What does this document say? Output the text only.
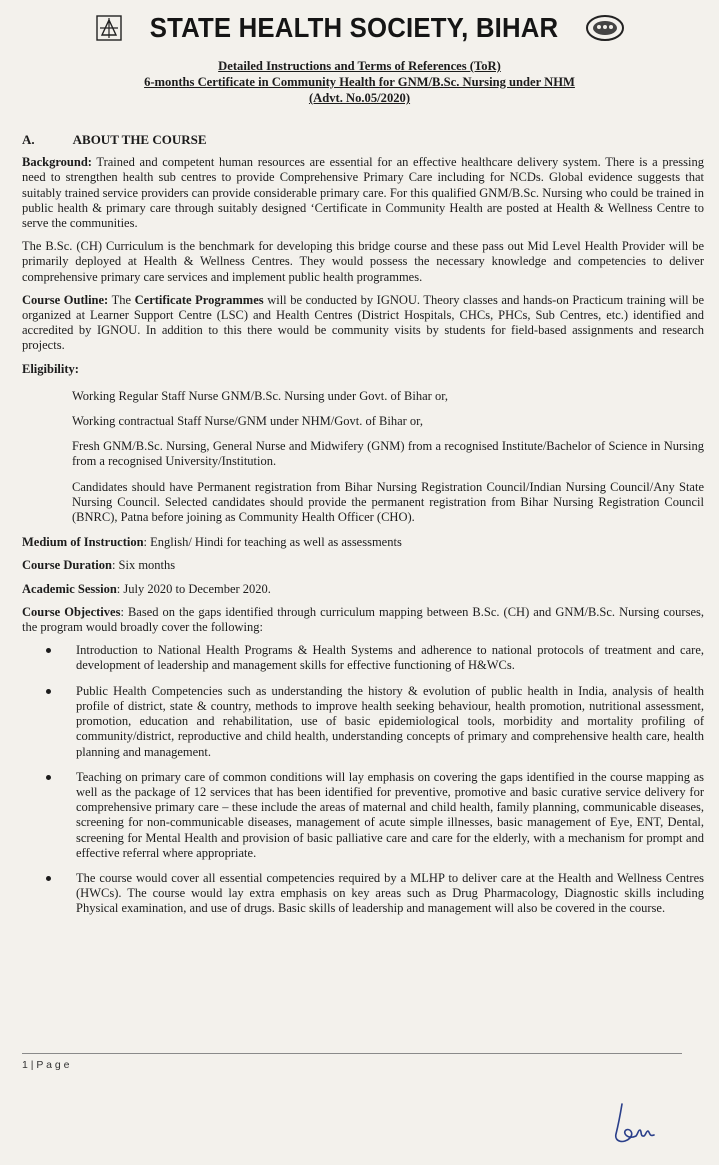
STATE HEALTH SOCIETY, BIHAR
Detailed Instructions and Terms of References (ToR)
6-months Certificate in Community Health for GNM/B.Sc. Nursing under NHM
(Advt. No.05/2020)
A.	ABOUT THE COURSE

Background: Trained and competent human resources are essential for an effective healthcare delivery system. There is a pressing need to strengthen health sub centres to provide Comprehensive Primary Care including for NCDs. Global evidence suggests that suitably trained service providers can provide considerable primary care. For this qualified GNM/B.Sc. Nursing who could be trained in public health & primary care through suitably designed ‘Certificate in Community Health are posted at Health & Wellness Centre to serve the communities.

The B.Sc. (CH) Curriculum is the benchmark for developing this bridge course and these pass out Mid Level Health Provider will be primarily deployed at Health & Wellness Centres. They would possess the necessary knowledge and competencies to deliver comprehensive primary care services and implement public health programmes.

Course Outline: The Certificate Programmes will be conducted by IGNOU. Theory classes and hands-on Practicum training will be organized at Learner Support Centre (LSC) and Health Centres (District Hospitals, CHCs, PHCs, Sub Centres, etc.) identified and accredited by IGNOU. In addition to this there would be community visits by students for field-based assignments and research projects.

Eligibility:
Working Regular Staff Nurse GNM/B.Sc. Nursing under Govt. of Bihar or,
Working contractual Staff Nurse/GNM under NHM/Govt. of Bihar or,
Fresh GNM/B.Sc. Nursing, General Nurse and Midwifery (GNM) from a recognised Institute/Bachelor of Science in Nursing from a recognised University/Institution.
Candidates should have Permanent registration from Bihar Nursing Registration Council/Indian Nursing Council/Any State Nursing Council. Selected candidates should provide the permanent registration from Bihar Nursing Registration Council (BNRC), Patna before joining as Community Health Officer (CHO).

Medium of Instruction: English/ Hindi for teaching as well as assessments

Course Duration: Six months

Academic Session: July 2020 to December 2020.

Course Objectives: Based on the gaps identified through curriculum mapping between B.Sc. (CH) and GNM/B.Sc. Nursing courses, the program would broadly cover the following:

Introduction to National Health Programs & Health Systems and adherence to national protocols of treatment and care, development of leadership and management skills for effective functioning of H&WCs.
Public Health Competencies such as understanding the history & evolution of public health in India, analysis of health profile of district, state & country, methods to improve health seeking behaviour, health promotion, nutritional assessment, promotion, education and rehabilitation, use of basic epidemiological tools, morbidity and mortality profiling of community/district, reproductive and child health, understanding concepts of primary and comprehensive health care, health planning and management.
Teaching on primary care of common conditions will lay emphasis on covering the gaps identified in the course mapping as well as the package of 12 services that has been identified for preventive, promotive and basic curative service delivery for comprehensive primary care – these include the areas of maternal and child health, family planning, communicable diseases, screening for non-communicable diseases, management of acute simple illnesses, basic management of Eye, ENT, Dental, screening for Mental Health and provision of basic palliative care and care for the elderly, with a mechanism for prompt and effective referral where appropriate.
The course would cover all essential competencies required by a MLHP to deliver care at the Health and Wellness Centres (HWCs). The course would lay extra emphasis on key areas such as Drug Pharmacology, Diagnostic skills including Physical examination, and use of drugs. Basic skills of leadership and management will also be covered in the course.
1 | P a g e
